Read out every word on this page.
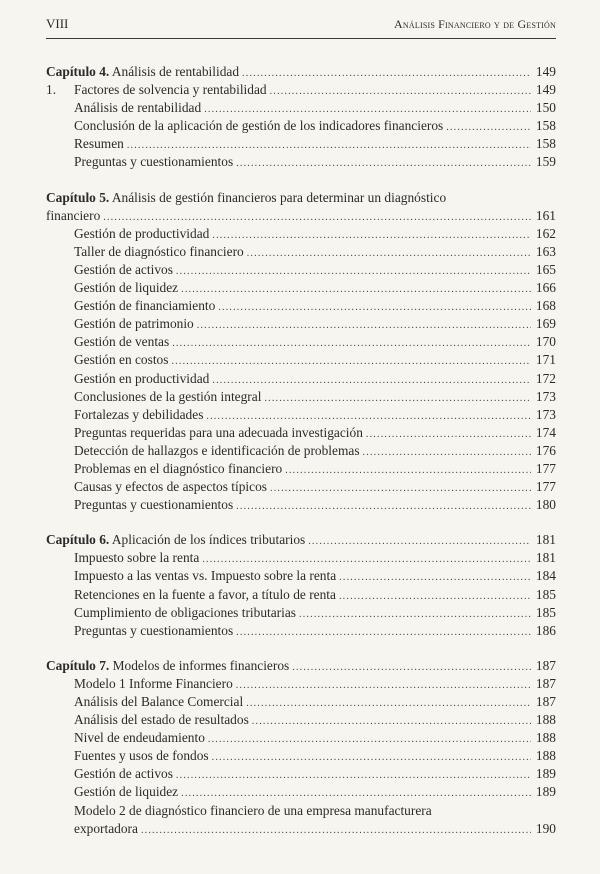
VIII	Análisis Financiero y de Gestión
Capítulo 4. Análisis de rentabilidad .....	149
1.	Factores de solvencia y rentabilidad .....	149
Análisis de rentabilidad .....	150
Conclusión de la aplicación de gestión de los indicadores financieros .....	158
Resumen .....	158
Preguntas y cuestionamientos .....	159
Capítulo 5. Análisis de gestión financieros para determinar un diagnóstico
financiero .....	161
Gestión de productividad .....	162
Taller de diagnóstico financiero .....	163
Gestión de activos .....	165
Gestión de liquidez .....	166
Gestión de financiamiento .....	168
Gestión de patrimonio .....	169
Gestión de ventas .....	170
Gestión en costos .....	171
Gestión en productividad .....	172
Conclusiones de la gestión integral .....	173
Fortalezas y debilidades .....	173
Preguntas requeridas para una adecuada investigación .....	174
Detección de hallazgos e identificación de problemas .....	176
Problemas en el diagnóstico financiero .....	177
Causas y efectos de aspectos típicos .....	177
Preguntas y cuestionamientos .....	180
Capítulo 6. Aplicación de los índices tributarios .....	181
Impuesto sobre la renta .....	181
Impuesto a las ventas vs. Impuesto sobre la renta .....	184
Retenciones en la fuente a favor, a título de renta .....	185
Cumplimiento de obligaciones tributarias .....	185
Preguntas y cuestionamientos .....	186
Capítulo 7. Modelos de informes financieros .....	187
Modelo 1 Informe Financiero .....	187
Análisis del Balance Comercial .....	187
Análisis del estado de resultados .....	188
Nivel de endeudamiento .....	188
Fuentes y usos de fondos .....	188
Gestión de activos .....	189
Gestión de liquidez .....	189
Modelo 2 de diagnóstico financiero de una empresa manufacturera
exportadora .....	190
